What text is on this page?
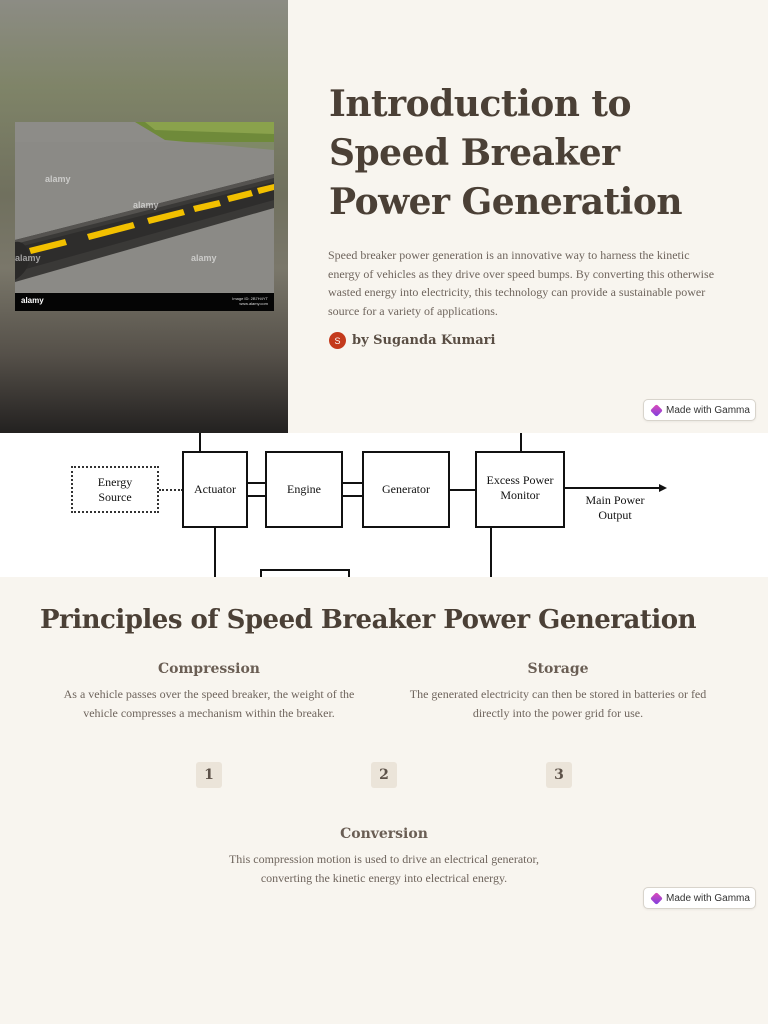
alamy
alamy
alamy
alamy
alamy	Image ID: 2B7H4YT
www.alamy.com
Introduction to Speed Breaker Power Generation

Speed breaker power generation is an innovative way to harness the kinetic energy of vehicles as they drive over speed bumps. By converting this otherwise wasted energy into electricity, this technology can provide a sustainable power source for a variety of applications.

S by Suganda Kumari
Made with Gamma
Energy Source
Actuator	Engine	Generator
Excess Power Monitor	Main Power Output
Principles of Speed Breaker Power Generation
Compression
As a vehicle passes over the speed breaker, the weight of the vehicle compresses a mechanism within the breaker.
Storage
The generated electricity can then be stored in batteries or fed directly into the power grid for use.
1	2	3
Conversion
This compression motion is used to drive an electrical generator, converting the kinetic energy into electrical energy.
Made with Gamma
